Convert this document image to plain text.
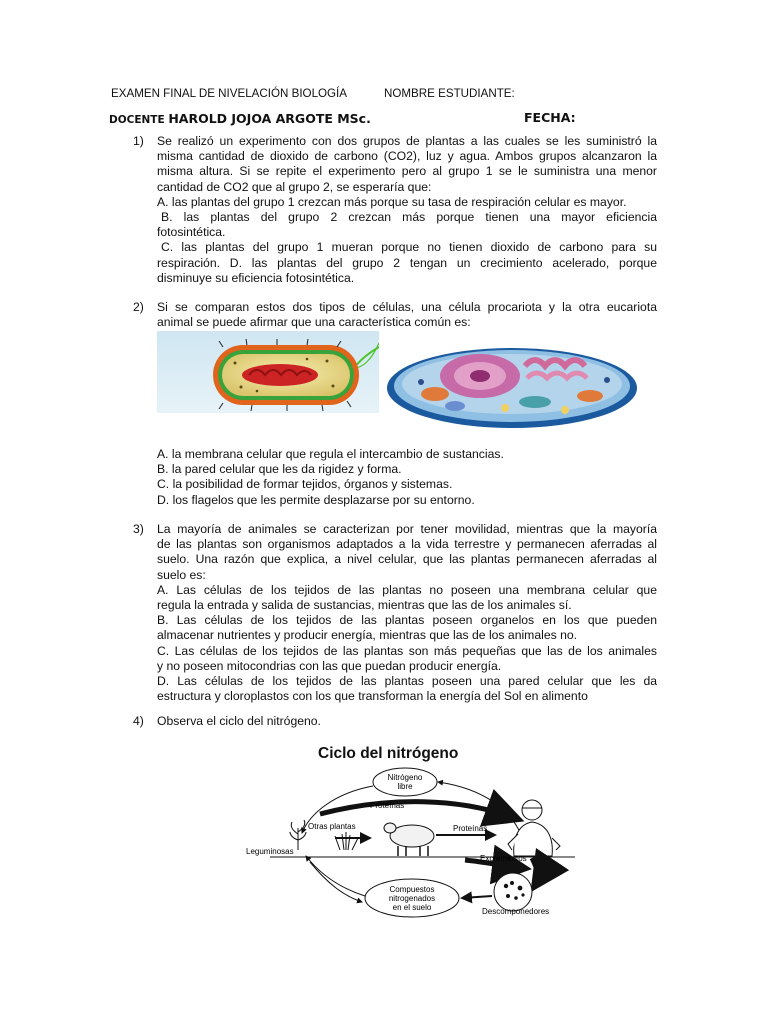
EXAMEN FINAL DE NIVELACIÓN BIOLOGÍA	NOMBRE ESTUDIANTE:
DOCENTE HAROLD JOJOA ARGOTE MSc.	FECHA:
1) Se realizó un experimento con dos grupos de plantas a las cuales se les suministró la
misma cantidad de dioxido de carbono (CO2), luz y agua. Ambos grupos alcanzaron la
misma altura. Si se repite el experimento pero al grupo 1 se le suministra una menor
cantidad de CO2 que al grupo 2, se esperaría que:
A. las plantas del grupo 1 crezcan más porque su tasa de respiración celular es mayor.
B. las plantas del grupo 2 crezcan más porque tienen una mayor eficiencia
fotosintética.
C. las plantas del grupo 1 mueran porque no tienen dioxido de carbono para su
respiración. D. las plantas del grupo 2 tengan un crecimiento acelerado, porque
disminuye su eficiencia fotosintética.
2) Si se comparan estos dos tipos de células, una célula procariota y la otra eucariota
animal se puede afirmar que una característica común es:
A. la membrana celular que regula el intercambio de sustancias.
B. la pared celular que les da rigidez y forma.
C. la posibilidad de formar tejidos, órganos y sistemas.
D. los flagelos que les permite desplazarse por su entorno.
3) La mayoría de animales se caracterizan por tener movilidad, mientras que la mayoría
de las plantas son organismos adaptados a la vida terrestre y permanecen aferradas al
suelo. Una razón que explica, a nivel celular, que las plantas permanecen aferradas al
suelo es:
A. Las células de los tejidos de las plantas no poseen una membrana celular que
regula la entrada y salida de sustancias, mientras que las de los animales sí.
B. Las células de los tejidos de las plantas poseen organelos en los que pueden
almacenar nutrientes y producir energía, mientras que las de los animales no.
C. Las células de los tejidos de las plantas son más pequeñas que las de los animales
y no poseen mitocondrias con las que puedan producir energía.
D. Las células de los tejidos de las plantas poseen una pared celular que les da
estructura y cloroplastos con los que transforman la energía del Sol en alimento
4) Observa el ciclo del nitrógeno.
Ciclo del nitrógeno
Nitrógeno
libre
Proteínas
Otras plantas
Leguminosas
Proteínas
Excrementos
Descomponedores
Compuestos
nitrogenados
en el suelo
